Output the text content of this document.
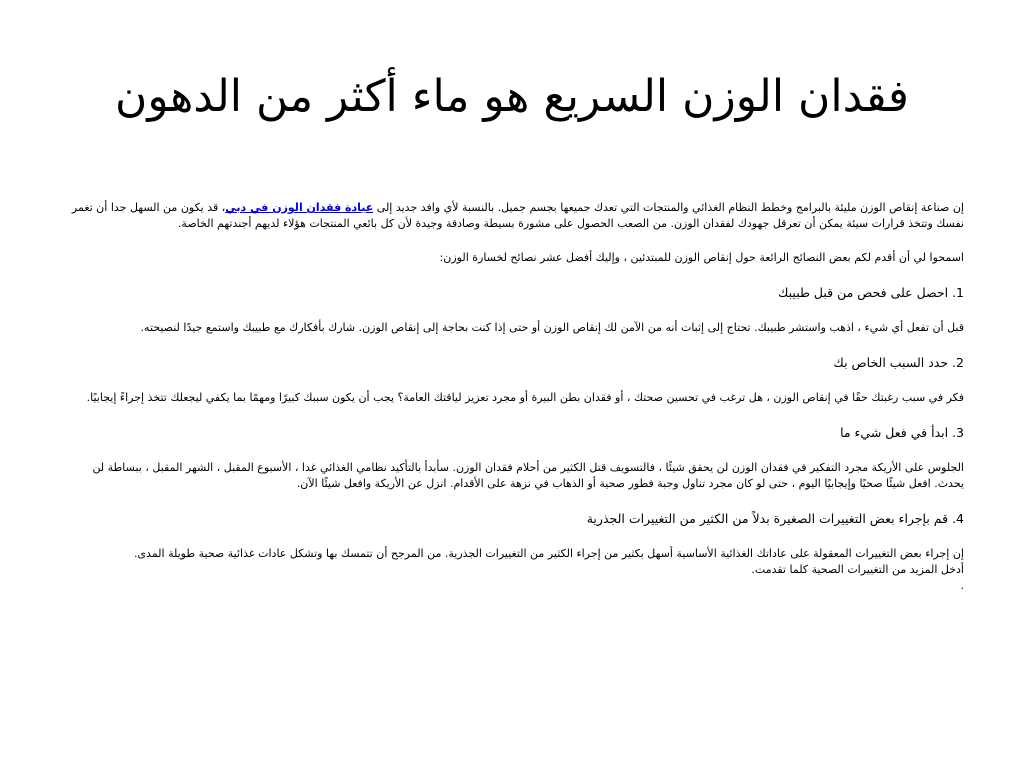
فقدان الوزن السريع هو ماء أكثر من الدهون

إن صناعة إنقاص الوزن مليئة بالبرامج وخطط النظام الغذائي والمنتجات التي تعدك جميعها بجسم جميل. بالنسبة لأي وافد جديد إلى عيادة فقدان الوزن في دبي، قد يكون من السهل جدا أن تغمر نفسك وتتخذ قرارات سيئة يمكن أن تعرقل جهودك لفقدان الوزن. من الصعب الحصول على مشورة بسيطة وصادقة وجيدة لأن كل بائعي المنتجات هؤلاء لديهم أجندتهم الخاصة.

اسمحوا لي أن أقدم لكم بعض النصائح الرائعة حول إنقاص الوزن للمبتدئين ، وإليك أفضل عشر نصائح لخسارة الوزن:

1. احصل على فحص من قبل طبيبك

قبل أن تفعل أي شيء ، اذهب واستشر طبيبك. تحتاج إلى إثبات أنه من الآمن لك إنقاص الوزن أو حتى إذا كنت بحاجة إلى إنقاص الوزن. شارك بأفكارك مع طبيبك واستمع جيدًا لنصيحته.

2. حدد السبب الخاص بك

فكر في سبب رغبتك حقًا في إنقاص الوزن ، هل ترغب في تحسين صحتك ، أو فقدان بطن البيرة أو مجرد تعزيز لياقتك العامة؟ يجب أن يكون سببك كبيرًا ومهمًا بما يكفي ليجعلك تتخذ إجراءً إيجابيًا.

3. ابدأ في فعل شيء ما

الجلوس على الأريكة مجرد التفكير في فقدان الوزن لن يحقق شيئًا ، فالتسويف قتل الكثير من أحلام فقدان الوزن. سأبدأ بالتأكيد نظامي الغذائي غدا ، الأسبوع المقبل ، الشهر المقبل ، ببساطة لن يحدث. افعل شيئًا صحيًا وإيجابيًا اليوم ، حتى لو كان مجرد تناول وجبة فطور صحية أو الذهاب في نزهة على الأقدام. انزل عن الأريكة وافعل شيئًا الآن.

4. قم بإجراء بعض التغييرات الصغيرة بدلاً من الكثير من التغييرات الجذرية

إن إجراء بعض التغييرات المعقولة على عاداتك الغذائية الأساسية أسهل بكثير من إجراء الكثير من التغييرات الجذرية. من المرجح أن تتمسك بها وتشكل عادات غذائية صحية طويلة المدى.

أدخل المزيد من التغييرات الصحية كلما تقدمت.

.
